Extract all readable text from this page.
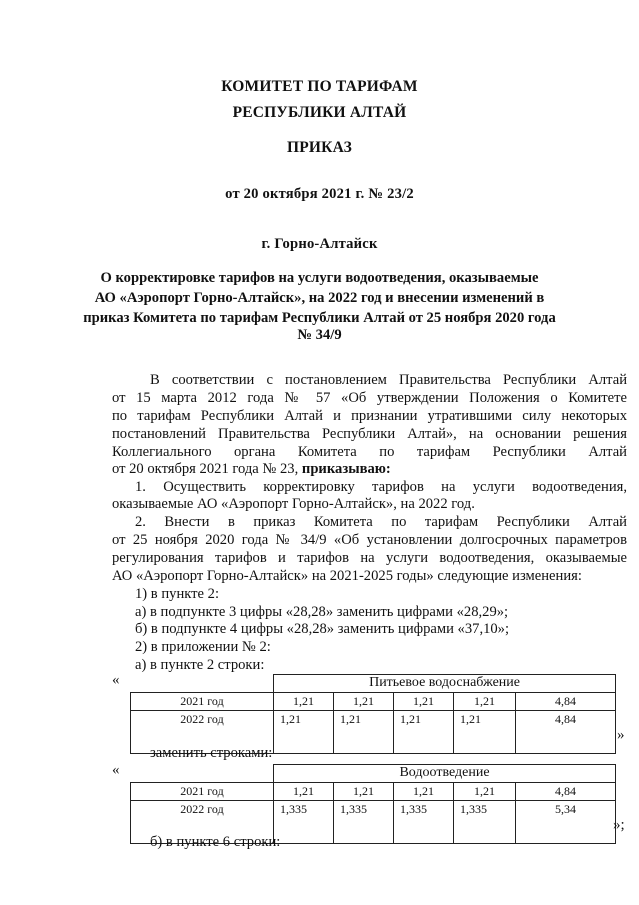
КОМИТЕТ ПО ТАРИФАМ
РЕСПУБЛИКИ АЛТАЙ
ПРИКАЗ
от 20 октября 2021 г. № 23/2
г. Горно-Алтайск
О корректировке тарифов на услуги водоотведения, оказываемые
АО «Аэропорт Горно-Алтайск», на 2022 год и внесении изменений в
приказ Комитета по тарифам Республики Алтай от 25 ноября 2020 года
№ 34/9
В соответствии с постановлением Правительства Республики Алтай
от 15 марта 2012 года № 57 «Об утверждении Положения о Комитете
по тарифам Республики Алтай и признании утратившими силу некоторых
постановлений Правительства Республики Алтай», на основании решения
Коллегиального органа Комитета по тарифам Республики Алтай
от 20 октября 2021 года № 23, приказываю:
1. Осуществить корректировку тарифов на услуги водоотведения,
оказываемые АО «Аэропорт Горно-Алтайск», на 2022 год.
2. Внести в приказ Комитета по тарифам Республики Алтай
от 25 ноября 2020 года № 34/9 «Об установлении долгосрочных параметров
регулирования тарифов и тарифов на услуги водоотведения, оказываемые
АО «Аэропорт Горно-Алтайск» на 2021-2025 годы» следующие изменения:
1) в пункте 2:
а) в подпункте 3 цифры «28,28» заменить цифрами «28,29»;
б) в подпункте 4 цифры «28,28» заменить цифрами «37,10»;
2) в приложении № 2:
а) в пункте 2 строки:
«
		Питьевое водоснабжение				
2021 год	1,21	1,21	1,21	1,21	4,84
2022 год	1,21	1,21	1,21	1,21	4,84
»
заменить строками:
«
		Водоотведение				
2021 год	1,21	1,21	1,21	1,21	4,84
2022 год	1,335	1,335	1,335	1,335	5,34
»;
б) в пункте 6 строки:
